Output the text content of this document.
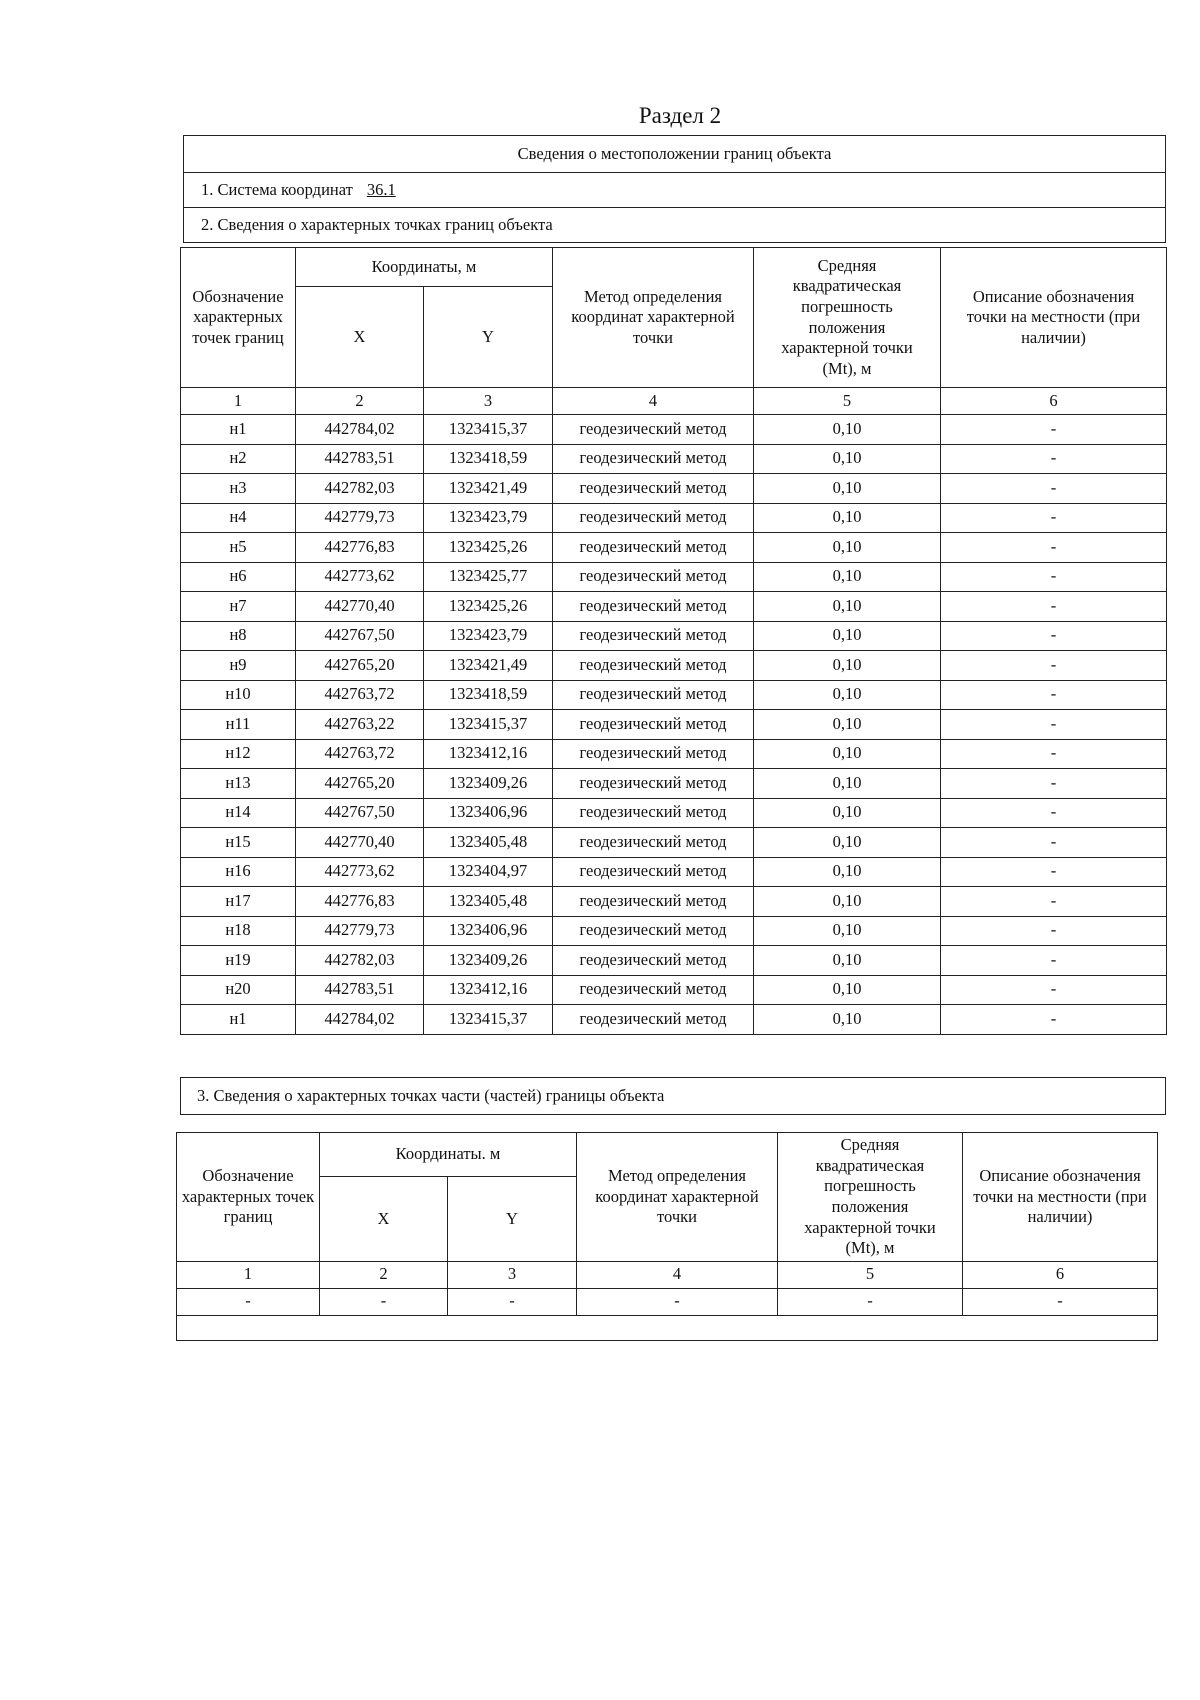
Раздел 2
Сведения о местоположении границ объекта
1. Система координат 36.1
2. Сведения о характерных точках границ объекта
Обозначение характерных точек границ	Координаты, м		Метод определения координат характерной точки	Средняя квадратическая погрешность положения характерной точки (Mt), м	Описание обозначения точки на местности (при наличии)
	X	Y			
1	2	3	4	5	6
н1	442784,02	1323415,37	геодезический метод	0,10	-
н2	442783,51	1323418,59	геодезический метод	0,10	-
н3	442782,03	1323421,49	геодезический метод	0,10	-
н4	442779,73	1323423,79	геодезический метод	0,10	-
н5	442776,83	1323425,26	геодезический метод	0,10	-
н6	442773,62	1323425,77	геодезический метод	0,10	-
н7	442770,40	1323425,26	геодезический метод	0,10	-
н8	442767,50	1323423,79	геодезический метод	0,10	-
н9	442765,20	1323421,49	геодезический метод	0,10	-
н10	442763,72	1323418,59	геодезический метод	0,10	-
н11	442763,22	1323415,37	геодезический метод	0,10	-
н12	442763,72	1323412,16	геодезический метод	0,10	-
н13	442765,20	1323409,26	геодезический метод	0,10	-
н14	442767,50	1323406,96	геодезический метод	0,10	-
н15	442770,40	1323405,48	геодезический метод	0,10	-
н16	442773,62	1323404,97	геодезический метод	0,10	-
н17	442776,83	1323405,48	геодезический метод	0,10	-
н18	442779,73	1323406,96	геодезический метод	0,10	-
н19	442782,03	1323409,26	геодезический метод	0,10	-
н20	442783,51	1323412,16	геодезический метод	0,10	-
н1	442784,02	1323415,37	геодезический метод	0,10	-
3. Сведения о характерных точках части (частей) границы объекта
Обозначение характерных точек границ	Координаты. м		Метод определения координат характерной точки	Средняя квадратическая погрешность положения характерной точки (Mt), м	Описание обозначения точки на местности (при наличии)
	X	Y			
1	2	3	4	5	6
-	-	-	-	-	-
